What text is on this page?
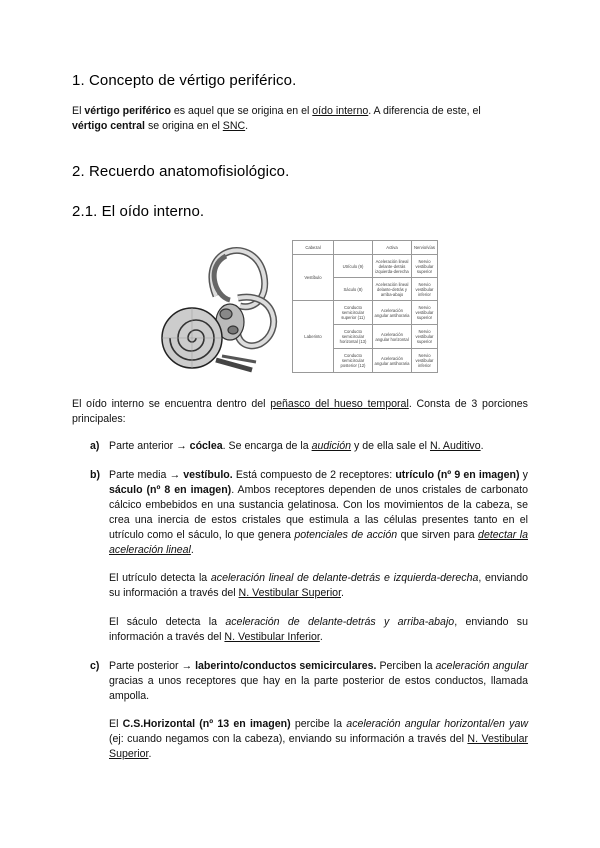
1. Concepto de vértigo periférico.

El vértigo periférico es aquel que se origina en el oído interno. A diferencia de este, el
vértigo central se origina en el SNC.

2. Recuerdo anatomofisiológico.
2.1. El oído interno.
Cabezal		Activa	Nervio/vías
Vestíbulo	Utrículo (9)	Aceleración lineal delante-detrás izquierda-derecha	Nervio vestibular superior
	Sáculo (8)	Aceleración lineal delante-detrás y arriba-abajo	Nervio vestibular inferior
Laberinto	Conducto semicircular superior (11)	Aceleración angular antihoraria	Nervio vestibular superior
	Conducto semicircular horizontal (13)	Aceleración angular horizontal	Nervio vestibular superior
	Conducto semicircular posterior (12)	Aceleración angular antihoraria	Nervio vestibular inferior

El oído interno se encuentra dentro del peñasco del hueso temporal. Consta de 3 porciones principales:

a) Parte anterior → cóclea. Se encarga de la audición y de ella sale el N. Auditivo.

b) Parte media → vestíbulo. Está compuesto de 2 receptores: utrículo (nº 9 en imagen) y sáculo (nº 8 en imagen). Ambos receptores dependen de unos cristales de carbonato cálcico embebidos en una sustancia gelatinosa. Con los movimientos de la cabeza, se crea una inercia de estos cristales que estimula a las células presentes tanto en el utrículo como el sáculo, lo que genera potenciales de acción que sirven para detectar la aceleración lineal.

El utrículo detecta la aceleración lineal de delante-detrás e izquierda-derecha, enviando su información a través del N. Vestibular Superior.

El sáculo detecta la aceleración de delante-detrás y arriba-abajo, enviando su información a través del N. Vestibular Inferior.

c) Parte posterior → laberinto/conductos semicirculares. Perciben la aceleración angular gracias a unos receptores que hay en la parte posterior de estos conductos, llamada ampolla.

El C.S.Horizontal (nº 13 en imagen) percibe la aceleración angular horizontal/en yaw (ej: cuando negamos con la cabeza), enviando su información a través del N. Vestibular Superior.
